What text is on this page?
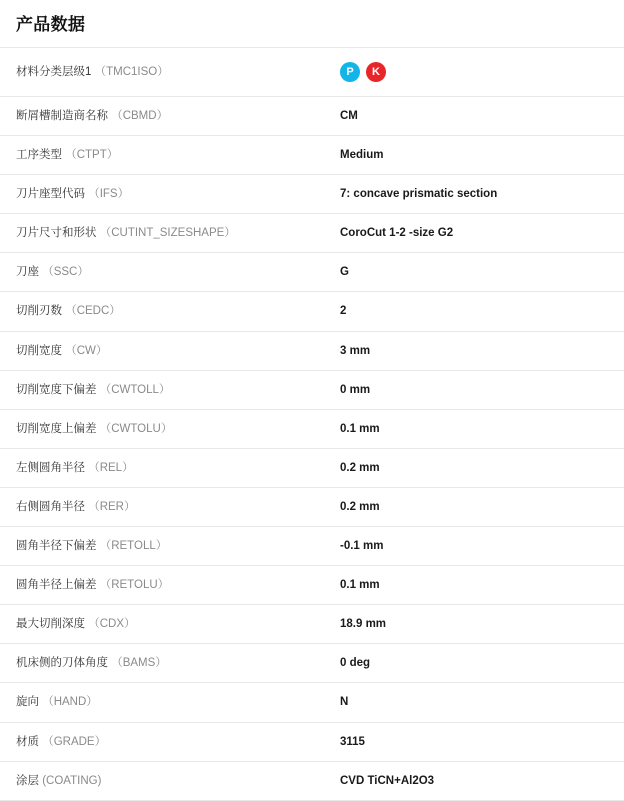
产品数据
材料分类层级1 （TMC1ISO）	P K

断屑槽制造商名称 （CBMD）	CM
工序类型 （CTPT）	Medium
刀片座型代码 （IFS）	7: concave prismatic section
刀片尺寸和形状 （CUTINT_SIZESHAPE）	CoroCut 1-2 -size G2
刀座 （SSC）	G
切削刃数 （CEDC）	2
切削宽度 （CW）	3 mm
切削宽度下偏差 （CWTOLL）	0 mm
切削宽度上偏差 （CWTOLU）	0.1 mm
左侧圆角半径 （REL）	0.2 mm
右侧圆角半径 （RER）	0.2 mm
圆角半径下偏差 （RETOLL）	-0.1 mm
圆角半径上偏差 （RETOLU）	0.1 mm
最大切削深度 （CDX）	18.9 mm
机床侧的刀体角度 （BAMS）	0 deg
旋向 （HAND）	N
材质 （GRADE）	3115
涂层 (COATING)	CVD TiCN+Al2O3
